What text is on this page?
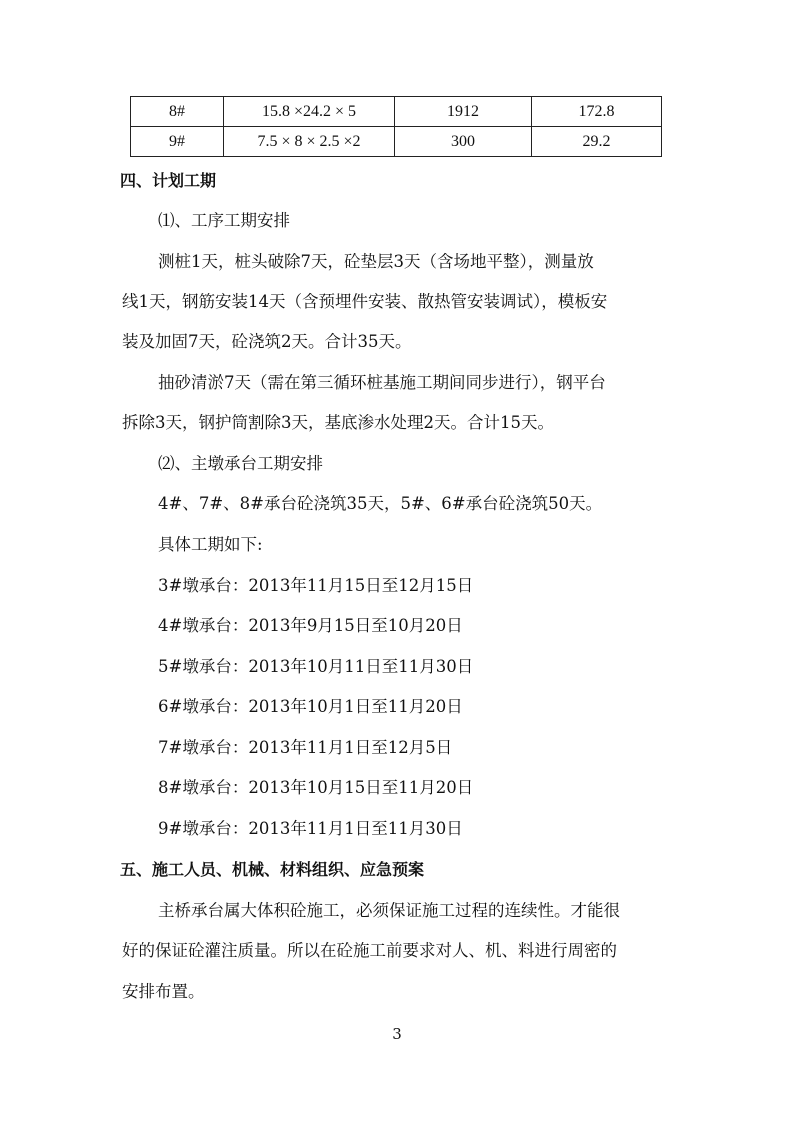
8#	15.8 ×24.2 × 5	1912	172.8
9#	7.5 × 8 × 2.5 ×2	300	29.2
四、计划工期
⑴、工序工期安排
测桩1天，桩头破除7天，砼垫层3天（含场地平整），测量放
线1天，钢筋安装14天（含预埋件安装、散热管安装调试），模板安
装及加固7天，砼浇筑2天。合计35天。
抽砂清淤7天（需在第三循环桩基施工期间同步进行），钢平台
拆除3天，钢护筒割除3天，基底渗水处理2天。合计15天。
⑵、主墩承台工期安排
4#、7#、8#承台砼浇筑35天，5#、6#承台砼浇筑50天。
具体工期如下:
3#墩承台：2013年11月15日至12月15日
4#墩承台：2013年9月15日至10月20日
5#墩承台：2013年10月11日至11月30日
6#墩承台：2013年10月1日至11月20日
7#墩承台：2013年11月1日至12月5日
8#墩承台：2013年10月15日至11月20日
9#墩承台：2013年11月1日至11月30日
五、施工人员、机械、材料组织、应急预案
主桥承台属大体积砼施工，必须保证施工过程的连续性。才能很
好的保证砼灌注质量。所以在砼施工前要求对人、机、料进行周密的
安排布置。
3
